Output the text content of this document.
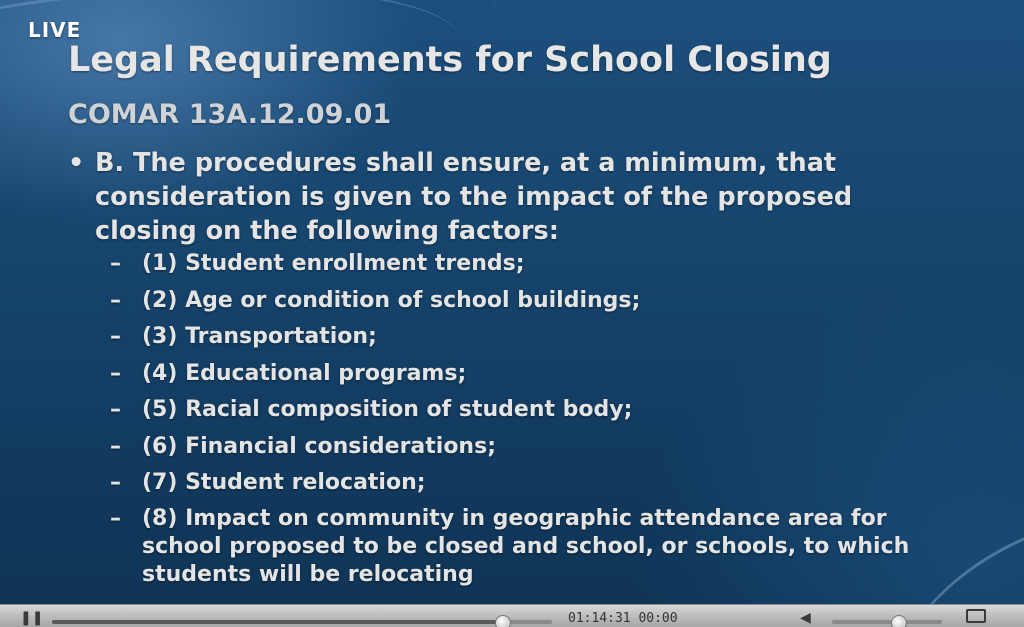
LIVE
Legal Requirements for School Closing
COMAR 13A.12.09.01
• B. The procedures shall ensure, at a minimum, that consideration is given to the impact of the proposed closing on the following factors:
– (1) Student enrollment trends;
– (2) Age or condition of school buildings;
– (3) Transportation;
– (4) Educational programs;
– (5) Racial composition of student body;
– (6) Financial considerations;
– (7) Student relocation;
– (8) Impact on community in geographic attendance area for school proposed to be closed and school, or schools, to which students will be relocating
❚❚	01:14:31 00:00	◀
